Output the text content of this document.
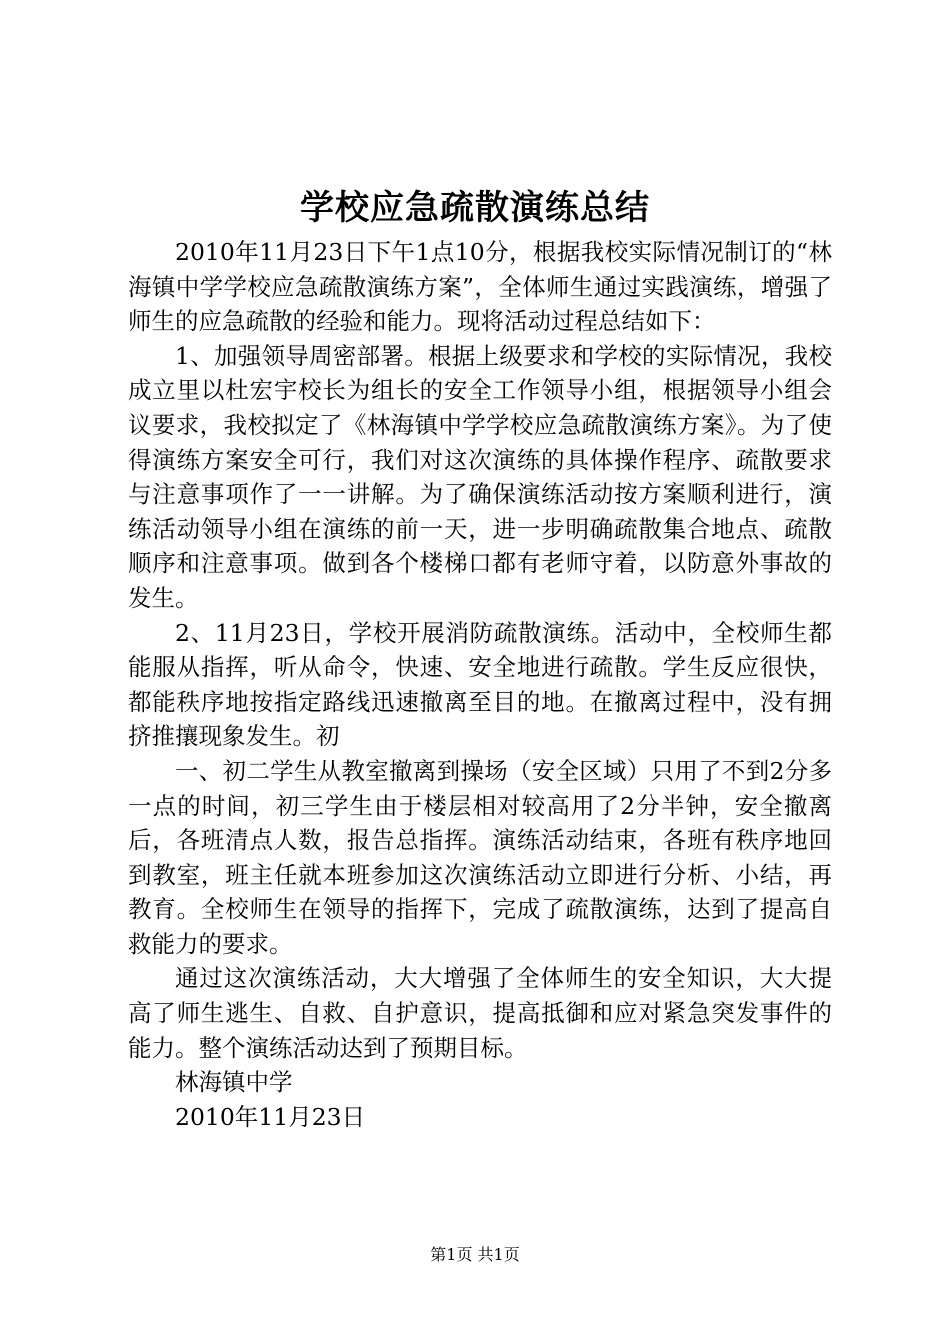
学校应急疏散演练总结

2010年11月23日下午1点10分，根据我校实际情况制订的“林海镇中学学校应急疏散演练方案”，全体师生通过实践演练，增强了师生的应急疏散的经验和能力。现将活动过程总结如下：

1、加强领导周密部署。根据上级要求和学校的实际情况，我校成立里以杜宏宇校长为组长的安全工作领导小组，根据领导小组会议要求，我校拟定了《林海镇中学学校应急疏散演练方案》。为了使得演练方案安全可行，我们对这次演练的具体操作程序、疏散要求与注意事项作了一一讲解。为了确保演练活动按方案顺利进行，演练活动领导小组在演练的前一天，进一步明确疏散集合地点、疏散顺序和注意事项。做到各个楼梯口都有老师守着，以防意外事故的发生。

2、11月23日，学校开展消防疏散演练。活动中，全校师生都能服从指挥，听从命令，快速、安全地进行疏散。学生反应很快，都能秩序地按指定路线迅速撤离至目的地。在撤离过程中，没有拥挤推攘现象发生。初

一、初二学生从教室撤离到操场（安全区域）只用了不到2分多一点的时间，初三学生由于楼层相对较高用了2分半钟，安全撤离后，各班清点人数，报告总指挥。演练活动结束，各班有秩序地回到教室，班主任就本班参加这次演练活动立即进行分析、小结，再教育。全校师生在领导的指挥下，完成了疏散演练，达到了提高自救能力的要求。

通过这次演练活动，大大增强了全体师生的安全知识，大大提高了师生逃生、自救、自护意识，提高抵御和应对紧急突发事件的能力。整个演练活动达到了预期目标。

林海镇中学

2010年11月23日

第1页 共1页
